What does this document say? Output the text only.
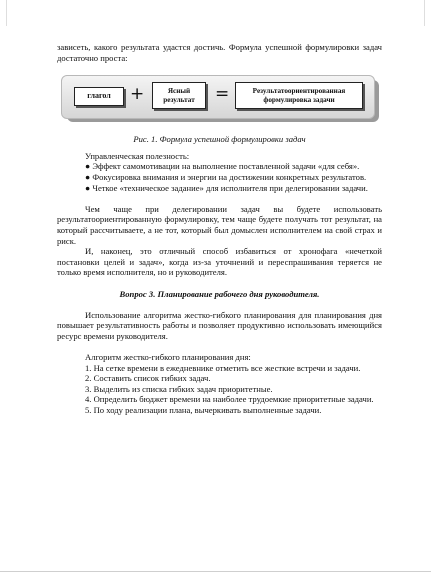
зависеть, какого результата удастся достичь. Формула успешной формулировки задач достаточно проста:

глагол	+	Ясный результат	=	Результатоориентированная формулировка задачи

Рис. 1. Формула успешной формулировки задач

Управленческая полезность:

● Эффект самомотивации на выполнение поставленной задачи «для себя».

● Фокусировка внимания и энергии на достижении конкретных результатов.

● Четкое «техническое задание» для исполнителя при делегировании задачи.

Чем чаще при делегировании задач вы будете использовать результатоориентированную формулировку, тем чаще будете получать тот результат, на который рассчитываете, а не тот, который был домыслен исполнителем на свой страх и риск.

И, наконец, это отличный способ избавиться от хронофага «нечеткой постановки целей и задач», когда из-за уточнений и переспрашивания теряется не только время исполнителя, но и руководителя.

Вопрос 3. Планирование рабочего дня руководителя.

Использование алгоритма жестко-гибкого планирования для планирования дня повышает результативность работы и позволяет продуктивно использовать имеющийся ресурс времени руководителя.

Алгоритм жестко-гибкого планирования дня:

1. На сетке времени в ежедневнике отметить все жесткие встречи и задачи.

2. Составить список гибких задач.

3. Выделить из списка гибких задач приоритетные.

4. Определить бюджет времени на наиболее трудоемкие приоритетные задачи.

5. По ходу реализации плана, вычеркивать выполненные задачи.
